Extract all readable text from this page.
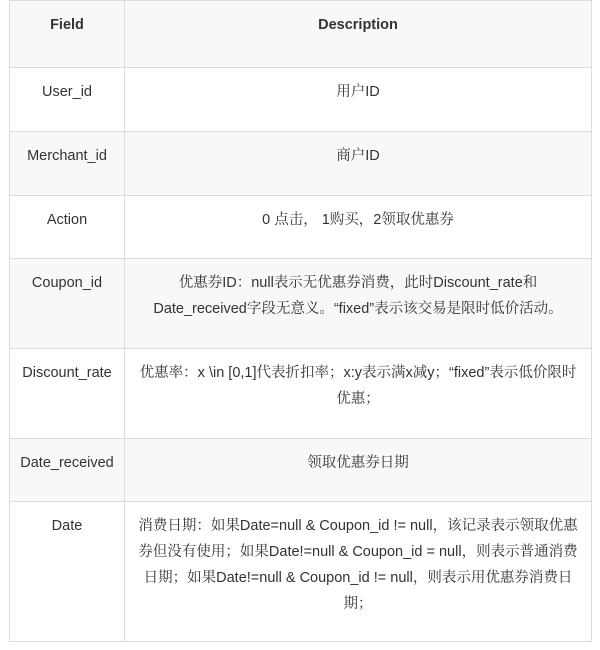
Field	Description
User_id	用户ID
Merchant_id	商户ID
Action	0 点击， 1购买，2领取优惠券
Coupon_id	优惠券ID：null表示无优惠券消费，此时Discount_rate和Date_received字段无意义。“fixed”表示该交易是限时低价活动。
Discount_rate	优惠率：x \in [0,1]代表折扣率；x:y表示满x减y；“fixed”表示低价限时优惠；
Date_received	领取优惠券日期
Date	消费日期：如果Date=null & Coupon_id != null，该记录表示领取优惠券但没有使用；如果Date!=null & Coupon_id = null，则表示普通消费日期；如果Date!=null & Coupon_id != null，则表示用优惠券消费日期；
